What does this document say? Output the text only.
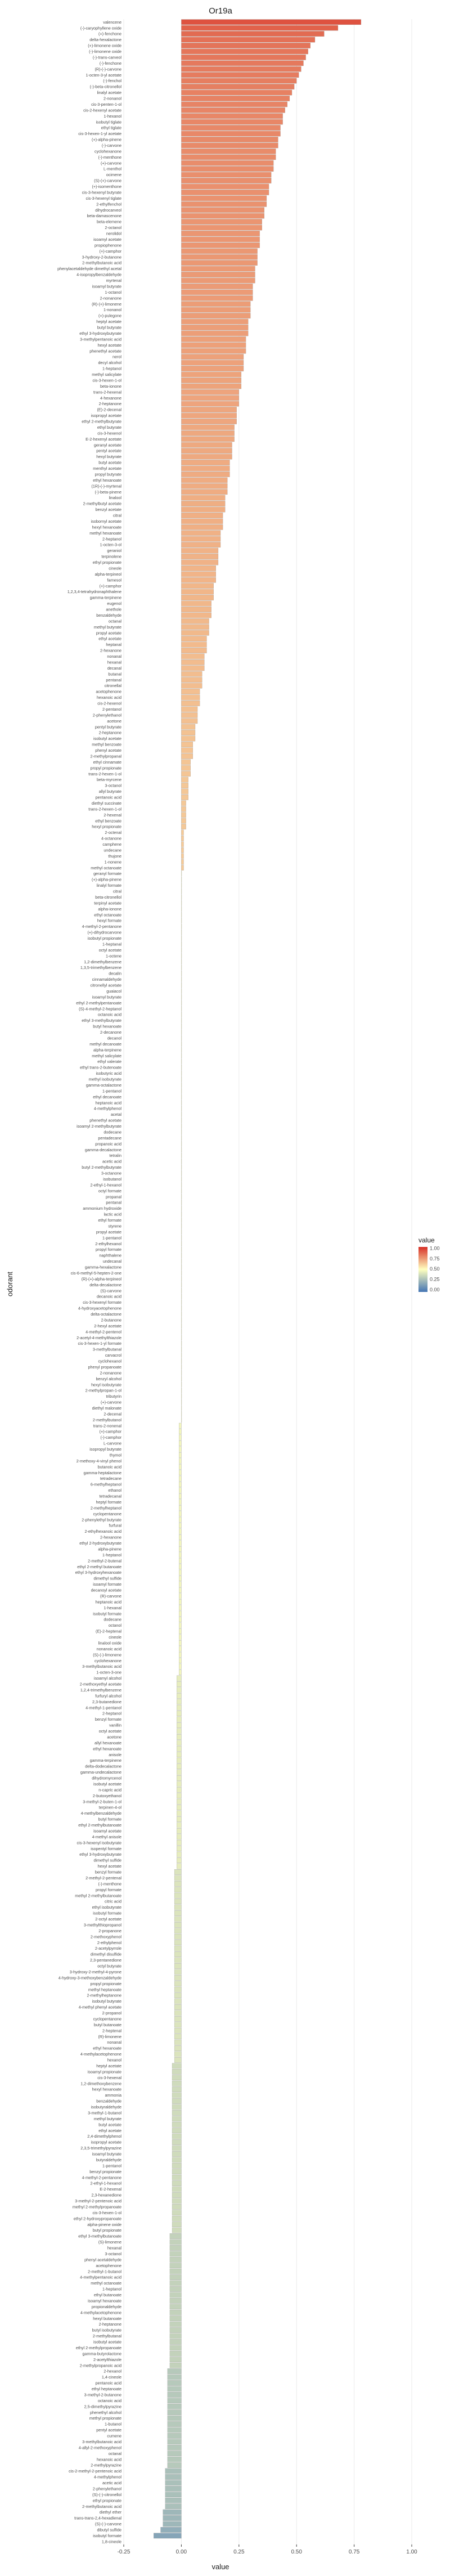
Or19a
valencene
(-)-caryophyllene oxide
(+)-fenchone
delta-hexalactone
(+)-limonene oxide
(-)-limonene oxide
(-)-trans-carveol
(-)-fenchone
(R)-(-)-carvone
1-octen-3-yl acetate
(-)-fenchol
(-)-beta-citronellol
linalyl acetate
2-nonanol
cis-3-penten-1-ol
cis-2-hexenyl acetate
1-hexanol
isobutyl tiglate
ethyl tiglate
cis-3-hexen-1-yl acetate
(+)-alpha-pinene
(-)-carvone
cyclohexanone
(-)-menthone
(+)-carvone
L-menthol
ocimene
(S)-(+)-carvone
(+)-isomenthone
cis-3-hexenyl butyrate
cis-3-hexenyl tiglate
2-ethylfenchol
dihydrocarveol
beta-damascenone
beta-elemene
2-octanol
nerolidol
isoamyl acetate
propiophenone
(+)-camphor
3-hydroxy-2-butanone
2-methylbutanoic acid
phenylacetaldehyde dimethyl acetal
4-isopropylbenzaldehyde
myrtenal
isoamyl butyrate
1-octanol
2-nonanone
(R)-(+)-limonene
1-nonanol
(+)-pulegone
heptyl acetate
butyl butyrate
ethyl 3-hydroxybutyrate
3-methylpentanoic acid
hexyl acetate
phenethyl acetate
nerol
decyl alcohol
1-heptanol
methyl salicylate
cis-3-hexen-1-ol
beta-ionone
trans-2-hexenal
4-hexanone
2-heptanone
(E)-2-decenal
isopropyl acetate
ethyl 2-methylbutyrate
ethyl butyrate
cis-3-hexenol
E-2-hexenyl acetate
geranyl acetate
pentyl acetate
hexyl butyrate
butyl acetate
menthyl acetate
propyl butyrate
ethyl hexanoate
(1R)-(-)-myrtenal
(-)-beta-pinene
linalool
2-methylbutyl acetate
benzyl acetate
citral
isobornyl acetate
hexyl hexanoate
methyl hexanoate
2-heptanol
1-octen-3-ol
geraniol
terpinolene
ethyl propionate
cineole
alpha-terpineol
farnesol
(+)-camphor
1,2,3,4-tetrahydronaphthalene
gamma-terpinene
eugenol
anethole
benzaldehyde
octanal
methyl butyrate
propyl acetate
ethyl acetate
heptanal
2-hexanone
nonanal
hexanal
decanal
butanal
pentanal
citronellal
acetophenone
hexanoic acid
cis-2-hexenol
2-pentanol
2-phenylethanol
acetone
pentyl butyrate
2-heptanone
isobutyl acetate
methyl benzoate
phenyl acetate
2-methylpropanal
ethyl cinnamate
propyl propionate
trans-2-hexen-1-ol
beta-myrcene
3-octanol
allyl butyrate
pentanoic acid
diethyl succinate
trans-2-hexen-1-ol
2-hexenal
ethyl benzoate
hexyl propionate
2-octenal
4-octanone
camphene
undecane
thujone
1-nonene
methyl octanoate
geranyl formate
(+)-alpha-pinene
linalyl formate
citral
beta-citronellol
terpinyl acetate
alpha-ionone
ethyl octanoate
hexyl formate
4-methyl-2-pentanone
(+)-dihydrocarvone
isobutyl propionate
1-heptanal
octyl acetate
1-octene
1,2-dimethylbenzene
1,3,5-trimethylbenzene
decalin
cinnamaldehyde
citronellyl acetate
guaiacol
isoamyl butyrate
ethyl 2-methylpentanoate
(S)-4-methyl-2-heptanol
octanoic acid
ethyl 3-methylbutyrate
butyl hexanoate
2-decanone
decanol
methyl decanoate
alpha-terpinene
methyl salicylate
ethyl valerate
ethyl trans-2-butenoate
isobutyric acid
methyl isobutyrate
gamma-octalactone
1-pentanol
ethyl decanoate
heptanoic acid
4-methylphenol
acetal
phenethyl acetate
isoamyl 2-methylbutyrate
dodecane
pentadecane
propanoic acid
gamma-decalactone
tetralin
acetic acid
butyl 2-methylbutyrate
3-octanone
isobutanol
2-ethyl-1-hexanol
octyl formate
propanal
pentanal
ammonium hydroxide
lactic acid
ethyl formate
styrene
propyl acetate
1-pentanol
2-ethylhexanol
propyl formate
naphthalene
undecanal
gamma-hexalactone
cis-6-methyl-5-hepten-2-one
(R)-(+)-alpha-terpineol
delta-decalactone
(S)-carvone
decanoic acid
cis-3-hexenyl formate
4-hydroxyacetophenone
delta-octalactone
2-butanone
2-hexyl acetate
4-methyl-2-pentenol
2-acetyl-4-methylthiazole
cis-3-hexen-1-yl formate
3-methylbutanal
carvacrol
cyclohexanol
phenyl propanoate
2-nonanone
benzyl alcohol
hexyl isobutyrate
2-methylpropan-1-ol
tributyrin
(+)-carvone
diethyl malonate
2-decenal
2-methylbutanol
trans-2-nonenal
(+)-camphor
(-)-camphor
L-carvone
isopropyl butyrate
thymol
2-methoxy-4-vinyl phenol
butanoic acid
gamma-heptalactone
tetradecane
6-methylheptanol
ethanol
tetradecanal
heptyl formate
2-methylheptanol
cyclopentanone
2-phenylethyl butyrate
furfural
2-ethylhexanoic acid
2-hexanone
ethyl 2-hydroxybutyrate
alpha-pinene
1-heptanol
2-methyl-2-butenal
ethyl 2-methyl butanoate
ethyl 3-hydroxyhexanoate
dimethyl sulfide
isoamyl formate
decanoyl acetate
(R)-carvone
heptanoic acid
1-hexanal
isobutyl formate
dodecane
octanol
(E)-2-heptenal
cineole
linalool oxide
nonanoic acid
(S)-(-)-limonene
cyclohexanone
3-methylbutanoic acid
1-octen-3-one
isoamyl alcohol
2-methoxyethyl acetate
1,2,4-trimethylbenzene
furfuryl alcohol
2,3-butanedione
4-methyl-1-pentanol
2-heptanol
benzyl formate
vanillin
octyl acetate
acetone
allyl hexanoate
ethyl hexanoate
anisole
gamma-terpinene
delta-dodecalactone
gamma-undecalactone
dihydromyrcenol
isobutyl acetate
n-capric acid
2-butoxyethanol
3-methyl-2-buten-1-ol
terpinen-4-ol
4-methylbenzaldehyde
butyl formate
ethyl 2-methylbutanoate
isoamyl acetate
4-methyl anisole
cis-3-hexenyl isobutyrate
isopentyl formate
ethyl 3-hydroxybutyrate
dimethyl sulfide
hexyl acetate
benzyl formate
2-methyl-2-pentenal
(-)-menthone
propyl formate
methyl 2-methylbutanoate
citric acid
ethyl isobutyrate
isobutyl formate
2-octyl acetate
3-methylthiopropanol
2-propanone
2-methoxyphenol
2-ethylphenol
2-acetylpyrrole
dimethyl disulfide
2,3-pentanedione
octyl butyrate
3-hydroxy-2-methyl-4-pyrone
4-hydroxy-3-methoxybenzaldehyde
propyl propionate
methyl heptanoate
2-methylheptanone
isobutyl butyrate
4-methyl phenyl acetate
2-propanol
cyclopentanone
butyl butanoate
2-heptenal
(R)-limonene
nonanal
ethyl hexanoate
4-methylacetophenone
hexanol
heptyl acetate
isoamyl propionate
cis-3-hexenal
1,2-dimethoxybenzene
hexyl hexanoate
ammonia
benzaldehyde
isobutyraldehyde
3-methyl-1-butanol
methyl butyrate
butyl acetate
ethyl acetate
2,4-dimethylphenol
isopropyl acetate
2,3,5-trimethylpyrazine
isoamyl butyrate
butyraldehyde
1-pentanol
benzyl propionate
4-methyl-2-pentanone
2-ethyl-1-hexanol
E-2-hexenal
2,3-hexanedione
3-methyl-2-pentenoic acid
methyl 2-methylpropanoate
cis-3-hexen-1-ol
ethyl 2-hydroxypropanoate
alpha-pinene oxide
butyl propionate
ethyl 3-methylbutanoate
(S)-limonene
hexanal
3-octanol
phenyl acetaldehyde
acetophenone
2-methyl-1-butanol
4-methylpentanoic acid
methyl octanoate
1-heptanol
ethyl butanoate
isoamyl hexanoate
propionaldehyde
4-methylacetophenone
hexyl butanoate
2-heptanone
butyl isobutyrate
2-methylbutanal
isobutyl acetate
ethyl 2-methylpropanoate
gamma-butyrolactone
2-acetylthiazole
2-methylpropanoic acid
2-hexanol
1,4-cineole
pentanoic acid
ethyl heptanoate
3-methyl-2-butanone
octanoic acid
2,5-dimethylpyrazine
phenethyl alcohol
methyl propionate
1-butanol
pentyl acetate
cumene
3-methylbutanoic acid
4-allyl-2-methoxyphenol
octanal
hexanoic acid
2-methylpyrazine
cis-2-methyl-2-pentenoic acid
4-methylphenol
acetic acid
2-phenylethanol
(S)-(-)-citronellol
ethyl propionate
2-methylbutanoic acid
diethyl ether
trans-trans-2,4-hexadienal
(S)-(-)-carvone
dibutyl sulfide
isobutyl formate
1,8-cineole
-0.25	0.00	0.25	0.50	0.75	1.00
value
odorant
value
0.00
0.25
0.50
0.75
1.00
